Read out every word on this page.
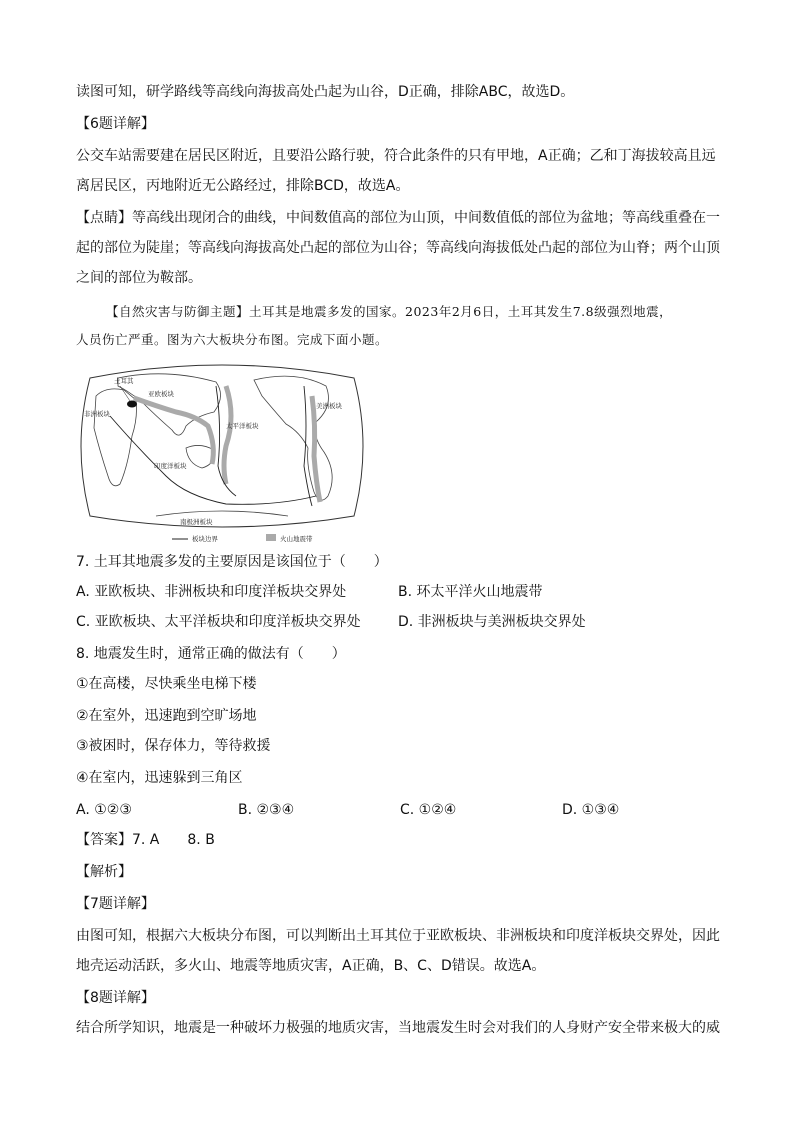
读图可知，研学路线等高线向海拔高处凸起为山谷，D正确，排除ABC，故选D。
【6题详解】
公交车站需要建在居民区附近，且要沿公路行驶，符合此条件的只有甲地，A正确；乙和丁海拔较高且远
离居民区，丙地附近无公路经过，排除BCD，故选A。
【点睛】等高线出现闭合的曲线，中间数值高的部位为山顶，中间数值低的部位为盆地；等高线重叠在一
起的部位为陡崖；等高线向海拔高处凸起的部位为山谷；等高线向海拔低处凸起的部位为山脊；两个山顶
之间的部位为鞍部。
【自然灾害与防御主题】土耳其是地震多发的国家。2023年2月6日，土耳其发生7.8级强烈地震，
人员伤亡严重。图为六大板块分布图。完成下面小题。
土耳其
亚欧板块
非洲板块
太平洋板块
美洲板块
印度洋板块
南极洲板块
板块边界	火山地震带
7. 土耳其地震多发的主要原因是该国位于（　　）
A. 亚欧板块、非洲板块和印度洋板块交界处	B. 环太平洋火山地震带
C. 亚欧板块、太平洋板块和印度洋板块交界处	D. 非洲板块与美洲板块交界处
8. 地震发生时，通常正确的做法有（　　）
①在高楼，尽快乘坐电梯下楼
②在室外，迅速跑到空旷场地
③被困时，保存体力，等待救援
④在室内，迅速躲到三角区
A. ①②③	B. ②③④	C. ①②④	D. ①③④
【答案】7. A　　8. B
【解析】
【7题详解】
由图可知，根据六大板块分布图，可以判断出土耳其位于亚欧板块、非洲板块和印度洋板块交界处，因此
地壳运动活跃，多火山、地震等地质灾害，A正确，B、C、D错误。故选A。
【8题详解】
结合所学知识，地震是一种破坏力极强的地质灾害，当地震发生时会对我们的人身财产安全带来极大的威
